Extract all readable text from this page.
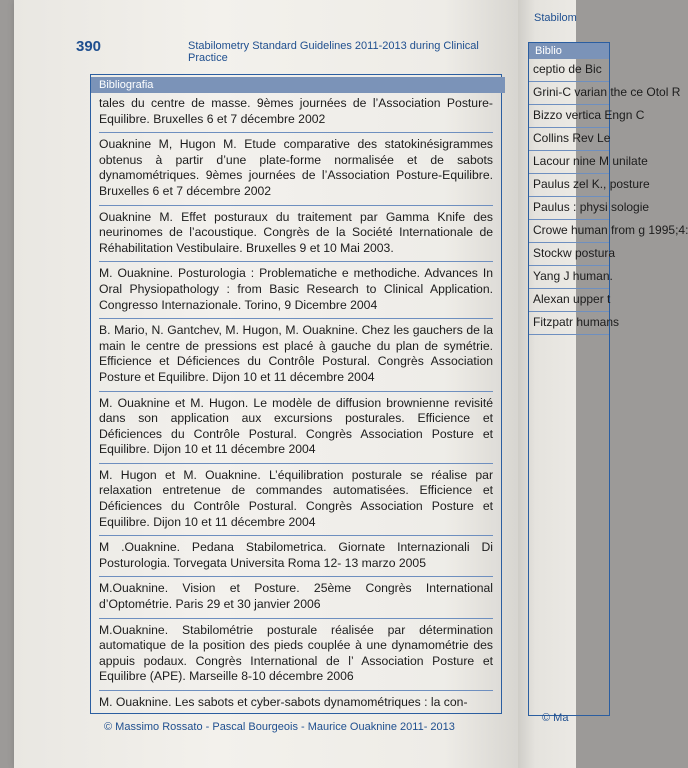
390	Stabilometry Standard Guidelines 2011-2013 during Clinical Practice
Bibliografia
tales du centre de masse. 9èmes journées de l’Association Posture-Equilibre. Bruxelles 6 et 7 décembre 2002
Ouaknine M, Hugon M. Etude comparative des statokinésigrammes obtenus à partir d’une plate-forme normalisée et de sabots dynamométriques. 9èmes journées de l’Association Posture-Equilibre. Bruxelles 6 et 7 décembre 2002
Ouaknine M. Effet posturaux du traitement par Gamma Knife des neurinomes de l’acoustique. Congrès de la Société Internationale de Réhabilitation Vestibulaire. Bruxelles 9 et 10 Mai 2003.
M. Ouaknine. Posturologia : Problematiche e methodiche. Advances In Oral Physiopathology : from Basic Research to Clinical Application. Congresso Internazionale. Torino, 9 Dicembre 2004
B. Mario, N. Gantchev, M. Hugon, M. Ouaknine. Chez les gauchers de la main le centre de pressions est placé à gauche du plan de symétrie. Efficience et Déficiences du Contrôle Postural. Congrès Association Posture et Equilibre. Dijon 10 et 11 décembre 2004
M. Ouaknine et M. Hugon. Le modèle de diffusion brownienne revisité dans son application aux excursions posturales. Efficience et Déficiences du Contrôle Postural. Congrès Association Posture et Equilibre. Dijon 10 et 11 décembre 2004
M. Hugon et M. Ouaknine. L’équilibration posturale se réalise par relaxation entretenue de commandes automatisées. Efficience et Déficiences du Contrôle Postural. Congrès Association Posture et Equilibre. Dijon 10 et 11 décembre 2004
M .Ouaknine. Pedana Stabilometrica. Giornate Internazionali Di Posturologia. Torvegata Universita Roma 12- 13 marzo 2005
M.Ouaknine. Vision et Posture. 25ème Congrès International d’Optométrie. Paris 29 et 30 janvier 2006
M.Ouaknine. Stabilométrie posturale réalisée par détermination automatique de la position des pieds couplée à une dynamométrie des appuis podaux. Congrès International de l’ Association Posture et Equilibre (APE). Marseille 8-10 décembre 2006
M. Ouaknine. Les sabots et cyber-sabots dynamométriques : la con-
© Massimo Rossato - Pascal Bourgeois - Maurice Ouaknine 2011- 2013
Stabilom
Biblio
ceptio de Bic
Grini-C varian the ce Otol R
Bizzo vertica Engn C
Collins Rev Le
Lacour nine M unilate
Paulus zel K., posture
Paulus : physi sologie
Crowe human from g 1995;4:
Stockw postura
Yang J human.
Alexan upper t
Fitzpatr humans
© Ma
